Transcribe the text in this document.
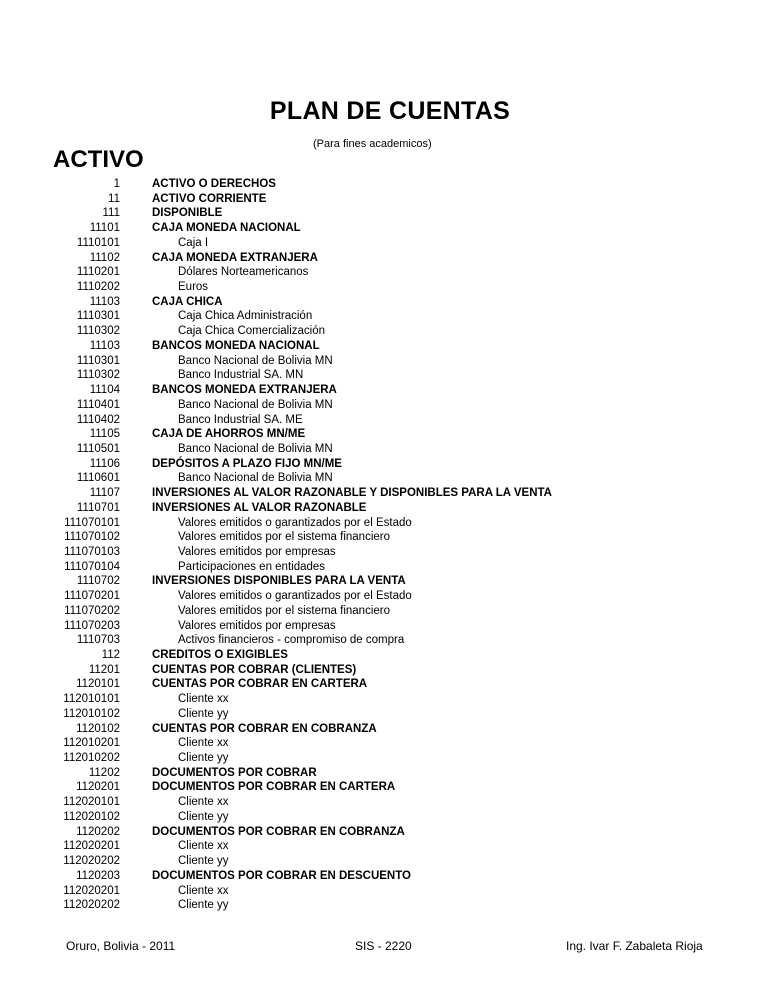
PLAN DE CUENTAS
(Para fines academicos)
ACTIVO
1	ACTIVO O DERECHOS
11	ACTIVO CORRIENTE
111	DISPONIBLE
11101	CAJA MONEDA NACIONAL
1110101	Caja I
11102	CAJA MONEDA EXTRANJERA
1110201	Dólares Norteamericanos
1110202	Euros
11103	CAJA CHICA
1110301	Caja Chica Administración
1110302	Caja Chica Comercialización
11103	BANCOS MONEDA NACIONAL
1110301	Banco Nacional de Bolivia MN
1110302	Banco Industrial SA. MN
11104	BANCOS MONEDA EXTRANJERA
1110401	Banco Nacional de Bolivia MN
1110402	Banco Industrial SA. ME
11105	CAJA DE AHORROS MN/ME
1110501	Banco Nacional de Bolivia MN
11106	DEPÓSITOS A PLAZO FIJO MN/ME
1110601	Banco Nacional de Bolivia MN
11107	INVERSIONES AL VALOR RAZONABLE Y DISPONIBLES PARA LA VENTA
1110701	INVERSIONES AL VALOR RAZONABLE
111070101	Valores emitidos o garantizados por el Estado
111070102	Valores emitidos por el sistema financiero
111070103	Valores emitidos por empresas
111070104	Participaciones en entidades
1110702	INVERSIONES DISPONIBLES PARA LA VENTA
111070201	Valores emitidos o garantizados por el Estado
111070202	Valores emitidos por el sistema financiero
111070203	Valores emitidos por empresas
1110703	Activos financieros - compromiso de compra
112	CREDITOS O EXIGIBLES
11201	CUENTAS POR COBRAR (CLIENTES)
1120101	CUENTAS POR COBRAR EN CARTERA
112010101	Cliente xx
112010102	Cliente yy
1120102	CUENTAS POR COBRAR EN COBRANZA
112010201	Cliente xx
112010202	Cliente yy
11202	DOCUMENTOS POR COBRAR
1120201	DOCUMENTOS POR COBRAR EN CARTERA
112020101	Cliente xx
112020102	Cliente yy
1120202	DOCUMENTOS POR COBRAR EN COBRANZA
112020201	Cliente xx
112020202	Cliente yy
1120203	DOCUMENTOS POR COBRAR EN DESCUENTO
112020201	Cliente xx
112020202	Cliente yy
Oruro, Bolivia - 2011	SIS - 2220	Ing. Ivar F. Zabaleta Rioja
